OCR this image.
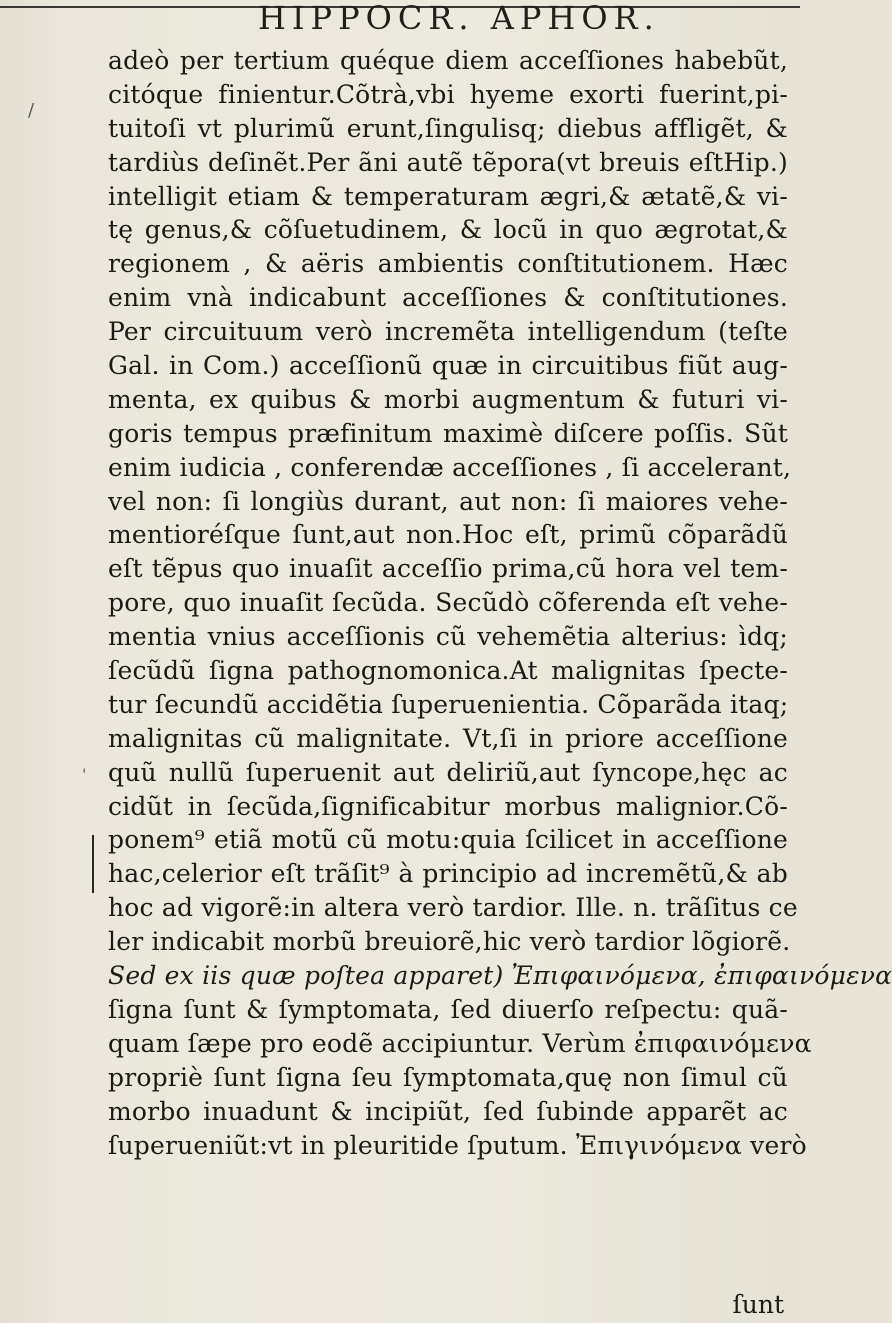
HIPPOCR. APHOR.
/
'
adeò per tertium quéque diem acceſſiones habebũt,
citóque finientur.Cõtrà,vbi hyeme exorti fuerint,pi-
tuitoſi vt plurimũ erunt,ſingulisq; diebus affligẽt, &
tardiùs deſinẽt.Per ãni autẽ tẽpora(vt breuis eſtHip.)
intelligit etiam & temperaturam ægri,& ætatẽ,& vi-
tę genus,& cõſuetudinem, & locũ in quo ægrotat,&
regionem , & aëris ambientis conſtitutionem. Hæc
enim vnà indicabunt acceſſiones & conſtitutiones.
Per circuituum verò incremẽta intelligendum (teſte
Gal. in Com.) acceſſionũ quæ in circuitibus fiũt aug-
menta, ex quibus & morbi augmentum & futuri vi-
goris tempus præfinitum maximè diſcere poſſis. Sũt
enim iudicia , conferendæ acceſſiones , ſi accelerant,
vel non: ſi longiùs durant, aut non: ſi maiores vehe-
mentioréſque ſunt,aut non.Hoc eſt, primũ cõparãdũ
eſt tẽpus quo inuaſit acceſſio prima,cũ hora vel tem-
pore, quo inuaſit ſecũda. Secũdò cõferenda eſt vehe-
mentia vnius acceſſionis cũ vehemẽtia alterius: ìdq;
ſecũdũ ſigna pathognomonica.At malignitas ſpecte-
tur ſecundũ accidẽtia ſuperuenientia. Cõparãda itaq;
malignitas cũ malignitate. Vt,ſi in priore acceſſione
quũ nullũ ſuperuenit aut deliriũ,aut ſyncope,hęc ac
cidũt in ſecũda,ſignificabitur morbus malignior.Cõ-
ponem⁹ etiã motũ cũ motu:quia ſcilicet in acceſſione
hac,celerior eſt trãſit⁹ à principio ad incremẽtũ,& ab
hoc ad vigorẽ:in altera verò tardior. Ille. n. trãſitus ce
ler indicabit morbũ breuiorẽ,hic verò tardior lõgiorẽ.
Sed ex iis quæ poſtea apparet) Ἐπιφαινόμενα, ἐπιφαινόμενα
ſigna ſunt & ſymptomata, ſed diuerſo reſpectu: quã-
quam ſæpe pro eodẽ accipiuntur. Verùm ἐπιφαινόμενα
propriè ſunt ſigna ſeu ſymptomata,quę non ſimul cũ
morbo inuadunt & incipiũt, ſed ſubinde apparẽt ac
ſuperueniũt:vt in pleuritide ſputum. Ἐπιγινόμενα verò
ſunt
